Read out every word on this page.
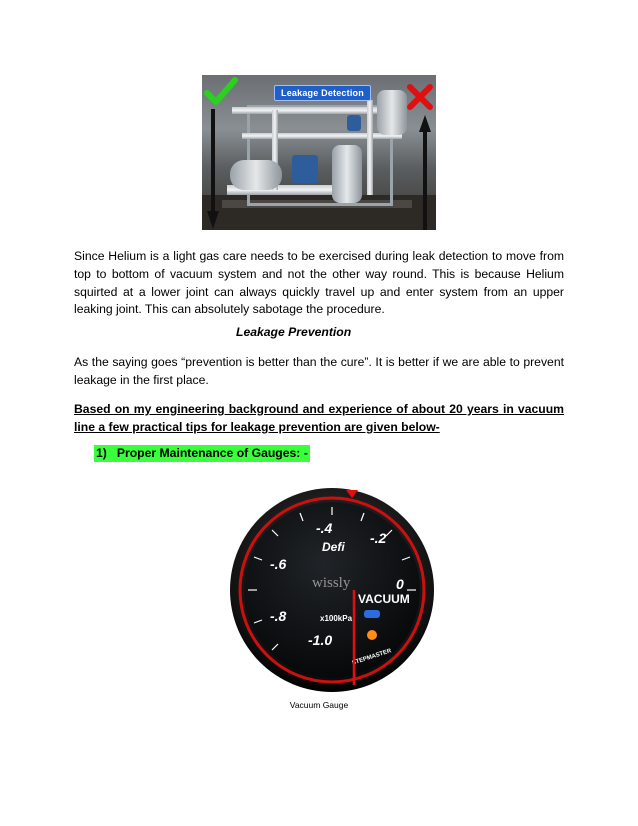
Leakage Detection

Since Helium is a light gas care needs to be exercised during leak detection to move from top to bottom of vacuum system and not the other way round. This is because Helium squirted at a lower joint can always quickly travel up and enter system from an upper leaking joint. This can absolutely sabotage the procedure.

Leakage Prevention

As the saying goes “prevention is better than the cure”. It is better if we are able to prevent leakage in the first place.

Based on my engineering background and experience of about 20 years in vacuum line a few practical tips for leakage prevention are given below-

1) Proper Maintenance of Gauges: -
-.4
-.2
-.6
0
-.8
-1.0
Defi
wissly
VACUUM
x100kPa
STEPMASTER
Vacuum Gauge
